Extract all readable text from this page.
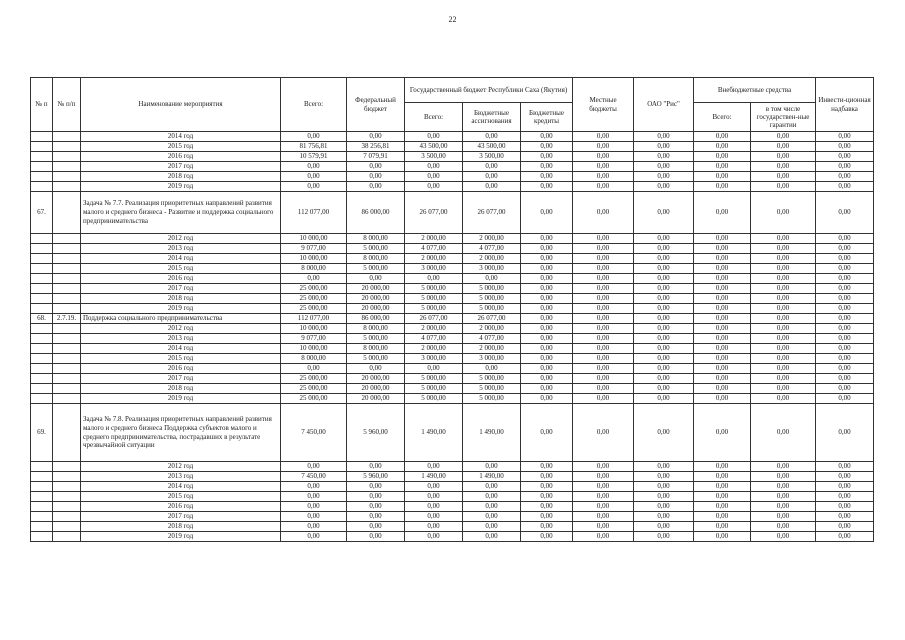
22
№ п	№ п/п	Наименование мероприятия	Всего:	Федеральный бюджет	Государственный бюджет Республики Саха (Якутия)			Местные бюджеты	ОАО "Рис"	Внебюджетные средства		Инвести-ционная надбавка
					Всего:	Бюджетные ассигнования	Бюджетные кредиты			Всего:	в том числе государствен-ные гарантии	
		2014 год	0,00	0,00	0,00	0,00	0,00	0,00	0,00	0,00	0,00	0,00
		2015 год	81 756,81	38 256,81	43 500,00	43 500,00	0,00	0,00	0,00	0,00	0,00	0,00
		2016 год	10 579,91	7 079,91	3 500,00	3 500,00	0,00	0,00	0,00	0,00	0,00	0,00
		2017 год	0,00	0,00	0,00	0,00	0,00	0,00	0,00	0,00	0,00	0,00
		2018 год	0,00	0,00	0,00	0,00	0,00	0,00	0,00	0,00	0,00	0,00
		2019 год	0,00	0,00	0,00	0,00	0,00	0,00	0,00	0,00	0,00	0,00
67.		Задача № 7.7. Реализация приоритетных направлений развития малого и среднего бизнеса - Развитие и поддержка социального предпринимательства	112 077,00	86 000,00	26 077,00	26 077,00	0,00	0,00	0,00	0,00	0,00	0,00
		2012 год	10 000,00	8 000,00	2 000,00	2 000,00	0,00	0,00	0,00	0,00	0,00	0,00
		2013 год	9 077,00	5 000,00	4 077,00	4 077,00	0,00	0,00	0,00	0,00	0,00	0,00
		2014 год	10 000,00	8 000,00	2 000,00	2 000,00	0,00	0,00	0,00	0,00	0,00	0,00
		2015 год	8 000,00	5 000,00	3 000,00	3 000,00	0,00	0,00	0,00	0,00	0,00	0,00
		2016 год	0,00	0,00	0,00	0,00	0,00	0,00	0,00	0,00	0,00	0,00
		2017 год	25 000,00	20 000,00	5 000,00	5 000,00	0,00	0,00	0,00	0,00	0,00	0,00
		2018 год	25 000,00	20 000,00	5 000,00	5 000,00	0,00	0,00	0,00	0,00	0,00	0,00
		2019 год	25 000,00	20 000,00	5 000,00	5 000,00	0,00	0,00	0,00	0,00	0,00	0,00
68.	2.7.19.	Поддержка социального предпринимательства	112 077,00	86 000,00	26 077,00	26 077,00	0,00	0,00	0,00	0,00	0,00	0,00
		2012 год	10 000,00	8 000,00	2 000,00	2 000,00	0,00	0,00	0,00	0,00	0,00	0,00
		2013 год	9 077,00	5 000,00	4 077,00	4 077,00	0,00	0,00	0,00	0,00	0,00	0,00
		2014 год	10 000,00	8 000,00	2 000,00	2 000,00	0,00	0,00	0,00	0,00	0,00	0,00
		2015 год	8 000,00	5 000,00	3 000,00	3 000,00	0,00	0,00	0,00	0,00	0,00	0,00
		2016 год	0,00	0,00	0,00	0,00	0,00	0,00	0,00	0,00	0,00	0,00
		2017 год	25 000,00	20 000,00	5 000,00	5 000,00	0,00	0,00	0,00	0,00	0,00	0,00
		2018 год	25 000,00	20 000,00	5 000,00	5 000,00	0,00	0,00	0,00	0,00	0,00	0,00
		2019 год	25 000,00	20 000,00	5 000,00	5 000,00	0,00	0,00	0,00	0,00	0,00	0,00
69.		Задача № 7.8. Реализация приоритетных направлений развития малого и среднего бизнеса Поддержка субъектов малого и среднего предпринимательства, пострадавших в результате чрезвычайной ситуации	7 450,00	5 960,00	1 490,00	1 490,00	0,00	0,00	0,00	0,00	0,00	0,00
		2012 год	0,00	0,00	0,00	0,00	0,00	0,00	0,00	0,00	0,00	0,00
		2013 год	7 450,00	5 960,00	1 490,00	1 490,00	0,00	0,00	0,00	0,00	0,00	0,00
		2014 год	0,00	0,00	0,00	0,00	0,00	0,00	0,00	0,00	0,00	0,00
		2015 год	0,00	0,00	0,00	0,00	0,00	0,00	0,00	0,00	0,00	0,00
		2016 год	0,00	0,00	0,00	0,00	0,00	0,00	0,00	0,00	0,00	0,00
		2017 год	0,00	0,00	0,00	0,00	0,00	0,00	0,00	0,00	0,00	0,00
		2018 год	0,00	0,00	0,00	0,00	0,00	0,00	0,00	0,00	0,00	0,00
		2019 год	0,00	0,00	0,00	0,00	0,00	0,00	0,00	0,00	0,00	0,00
